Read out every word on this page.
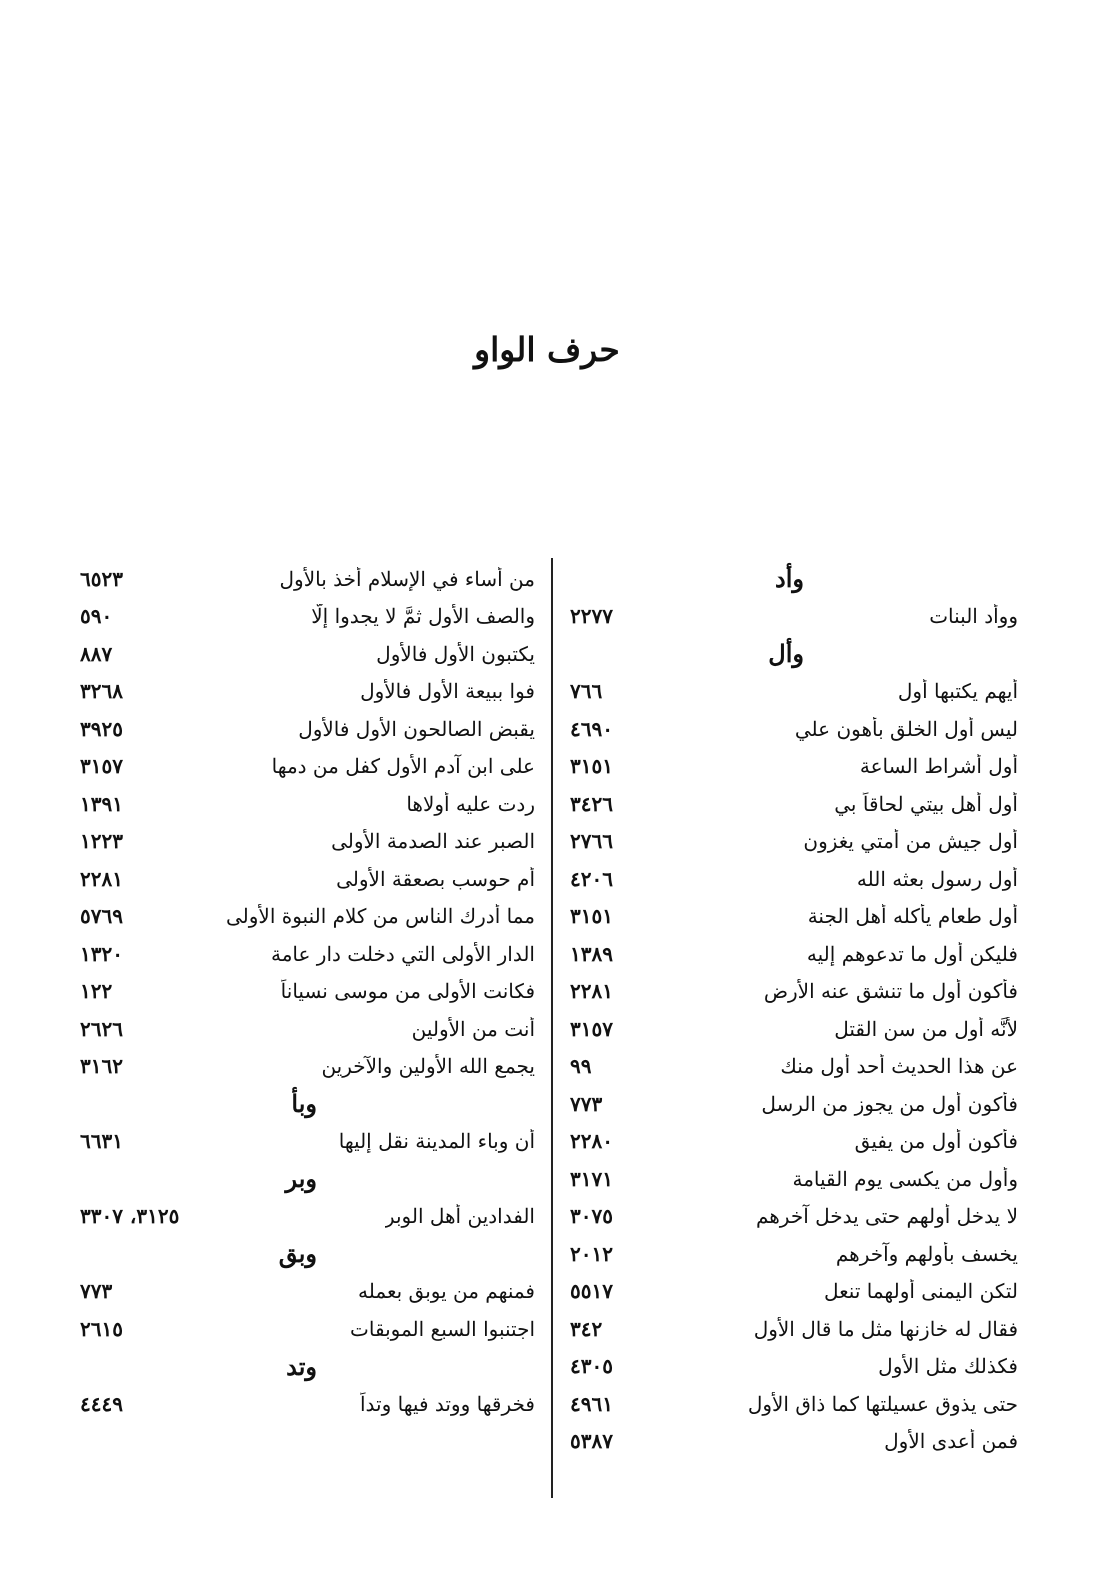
حرف الواو
وأد
ووأد البنات
٢٢٧٧
وأل
أيهم يكتبها أول
٧٦٦
ليس أول الخلق بأهون علي
٤٦٩٠
أول أشراط الساعة
٣١٥١
أول أهل بيتي لحاقاً بي
٣٤٢٦
أول جيش من أمتي يغزون
٢٧٦٦
أول رسول بعثه الله
٤٢٠٦
أول طعام يأكله أهل الجنة
٣١٥١
فليكن أول ما تدعوهم إليه
١٣٨٩
فأكون أول ما تنشق عنه الأرض
٢٢٨١
لأنَّه أول من سن القتل
٣١٥٧
عن هذا الحديث أحد أول منك
٩٩
فأكون أول من يجوز من الرسل
٧٧٣
فأكون أول من يفيق
٢٢٨٠
وأول من يكسى يوم القيامة
٣١٧١
لا يدخل أولهم حتى يدخل آخرهم
٣٠٧٥
يخسف بأولهم وآخرهم
٢٠١٢
لتكن اليمنى أولهما تنعل
٥٥١٧
فقال له خازنها مثل ما قال الأول
٣٤٢
فكذلك مثل الأول
٤٣٠٥
حتى يذوق عسيلتها كما ذاق الأول
٤٩٦١
فمن أعدى الأول
٥٣٨٧
من أساء في الإسلام أخذ بالأول
٦٥٢٣
والصف الأول ثمَّ لا يجدوا إلَّا
٥٩٠
يكتبون الأول فالأول
٨٨٧
فوا ببيعة الأول فالأول
٣٢٦٨
يقبض الصالحون الأول فالأول
٣٩٢٥
على ابن آدم الأول كفل من دمها
٣١٥٧
ردت عليه أولاها
١٣٩١
الصبر عند الصدمة الأولى
١٢٢٣
أم حوسب بصعقة الأولى
٢٢٨١
مما أدرك الناس من كلام النبوة الأولى
٥٧٦٩
الدار الأولى التي دخلت دار عامة
١٣٢٠
فكانت الأولى من موسى نسياناً
١٢٢
أنت من الأولين
٢٦٢٦
يجمع الله الأولين والآخرين
٣١٦٢
وبأ
أن وباء المدينة نقل إليها
٦٦٣١
وبر
الفدادين أهل الوبر
٣١٢٥، ٣٣٠٧
وبق
فمنهم من يوبق بعمله
٧٧٣
اجتنبوا السبع الموبقات
٢٦١٥
وتد
فخرقها ووتد فيها وتداً
٤٤٤٩
